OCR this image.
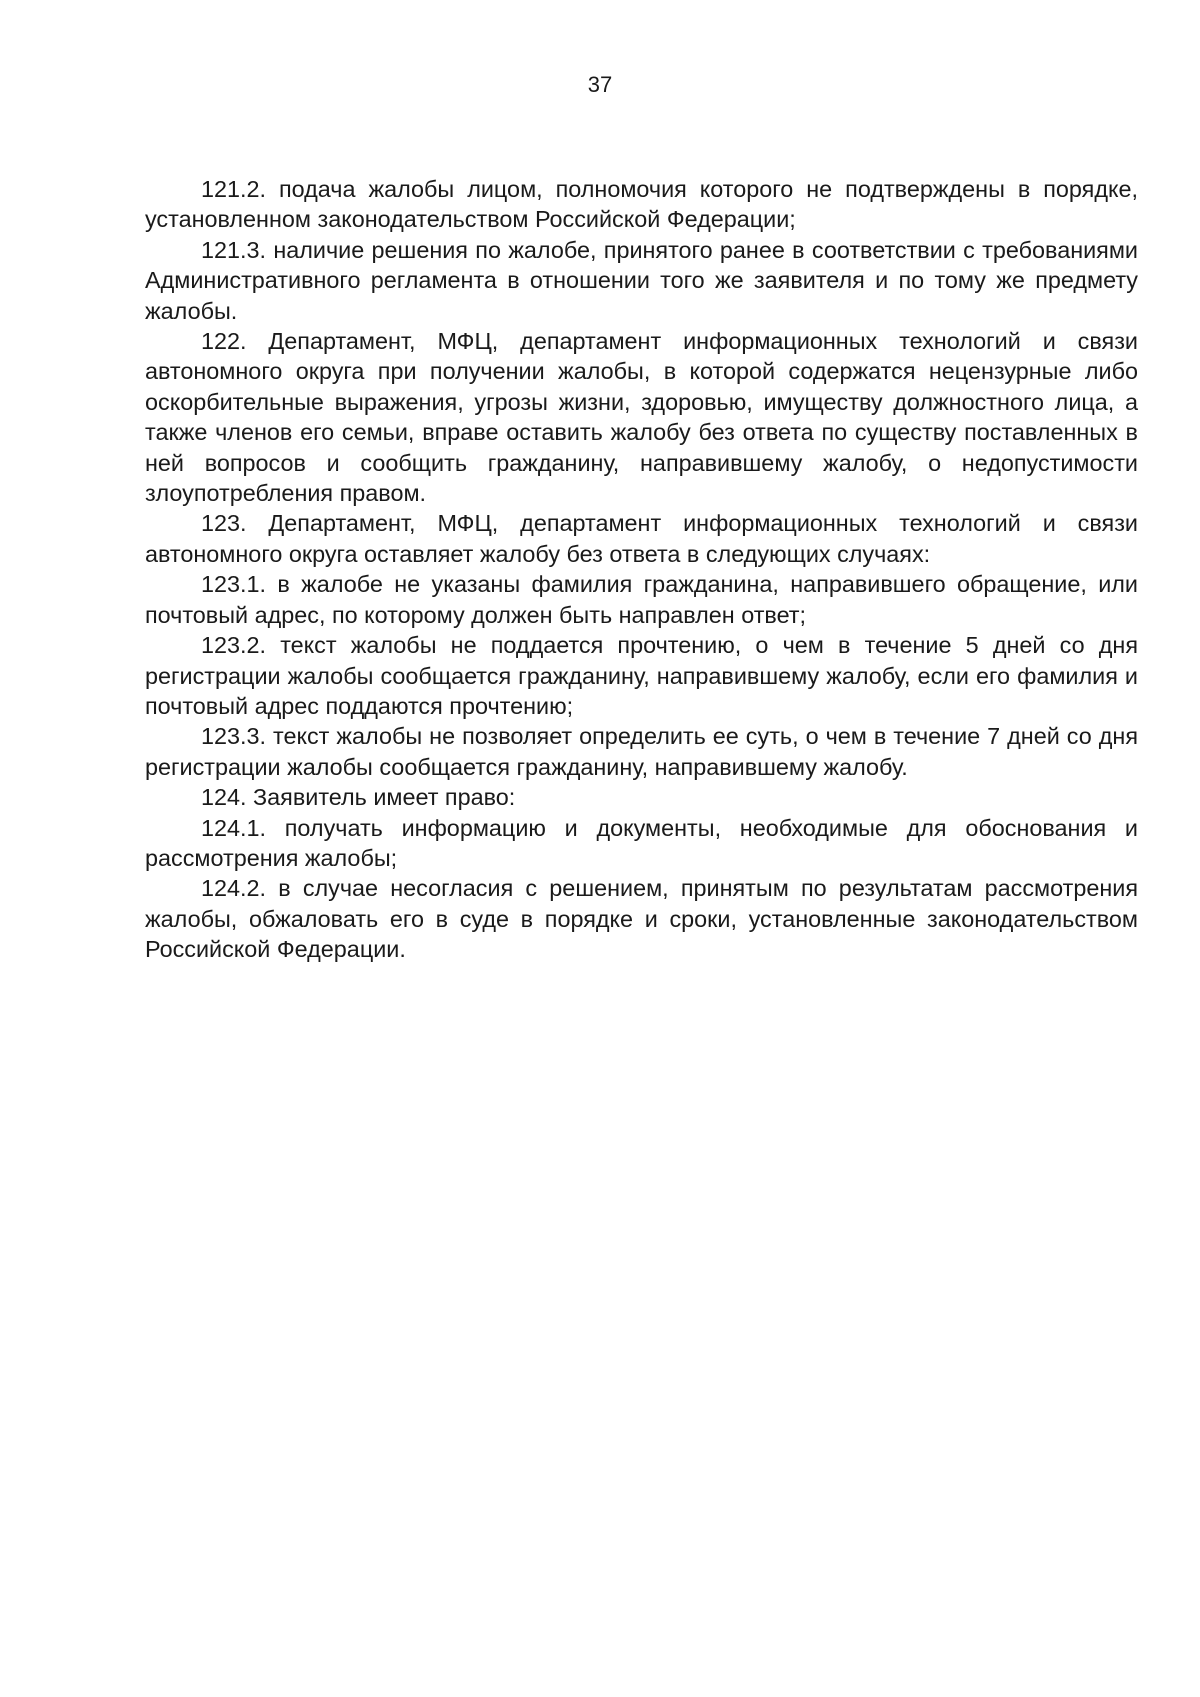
37

121.2. подача жалобы лицом, полномочия которого не подтверждены в порядке, установленном законодательством Российской Федерации;

121.3. наличие решения по жалобе, принятого ранее в соответствии с требованиями Административного регламента в отношении того же заявителя и по тому же предмету жалобы.

122. Департамент, МФЦ, департамент информационных технологий и связи автономного округа при получении жалобы, в которой содержатся нецензурные либо оскорбительные выражения, угрозы жизни, здоровью, имуществу должностного лица, а также членов его семьи, вправе оставить жалобу без ответа по существу поставленных в ней вопросов и сообщить гражданину, направившему жалобу, о недопустимости злоупотребления правом.

123. Департамент, МФЦ, департамент информационных технологий и связи автономного округа оставляет жалобу без ответа в следующих случаях:

123.1. в жалобе не указаны фамилия гражданина, направившего обращение, или почтовый адрес, по которому должен быть направлен ответ;

123.2. текст жалобы не поддается прочтению, о чем в течение 5 дней со дня регистрации жалобы сообщается гражданину, направившему жалобу, если его фамилия и почтовый адрес поддаются прочтению;

123.3. текст жалобы не позволяет определить ее суть, о чем в течение 7 дней со дня регистрации жалобы сообщается гражданину, направившему жалобу.

124. Заявитель имеет право:

124.1. получать информацию и документы, необходимые для обоснования и рассмотрения жалобы;

124.2. в случае несогласия с решением, принятым по результатам рассмотрения жалобы, обжаловать его в суде в порядке и сроки, установленные законодательством Российской Федерации.
